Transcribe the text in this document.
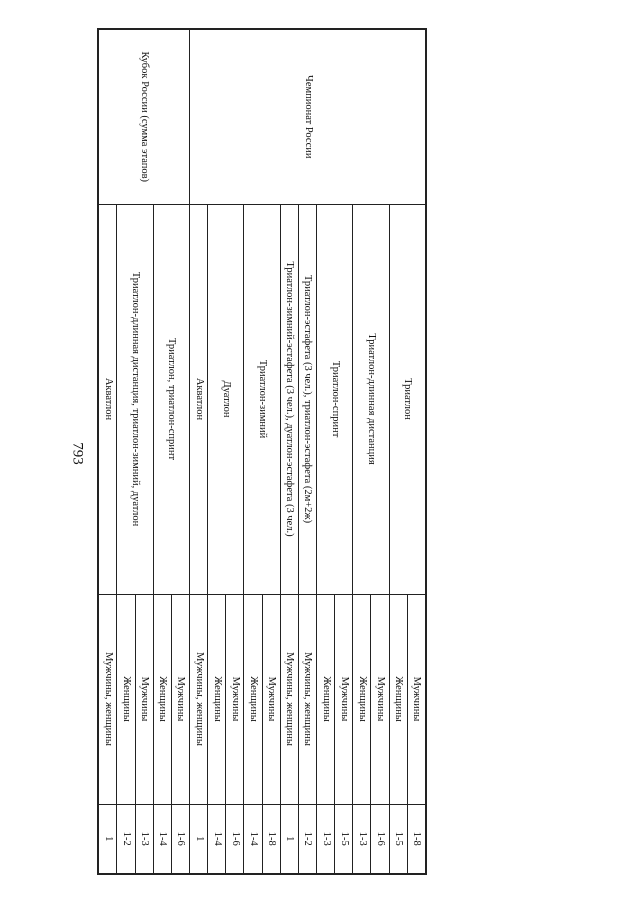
793
Чемпионат России	Триатлон	Мужчины	1-8
		Женщины	1-5
	Триатлон-длинная дистанция	Мужчины	1-6
		Женщины	1-3
	Триатлон-спринт	Мужчины	1-5
		Женщины	1-3
	Триатлон-эстафета (3 чел.), триатлон-эстафета (2м+2ж)	Мужчины, женщины	1-2
	Триатлон-зимний-эстафета (3 чел.), дуатлон-эстафета (3 чел.)	Мужчины, женщины	1
	Триатлон-зимний	Мужчины	1-8
		Женщины	1-4
	Дуатлон	Мужчины	1-6
		Женщины	1-4
	Акватлон	Мужчины, женщины	1
Кубок России (сумма этапов)	Триатлон, триатлон-спринт	Мужчины	1-6
		Женщины	1-4
	Триатлон-длинная дистанция, триатлон-зимний, дуатлон	Мужчины	1-3
		Женщины	1-2
	Акватлон	Мужчины, женщины	1
